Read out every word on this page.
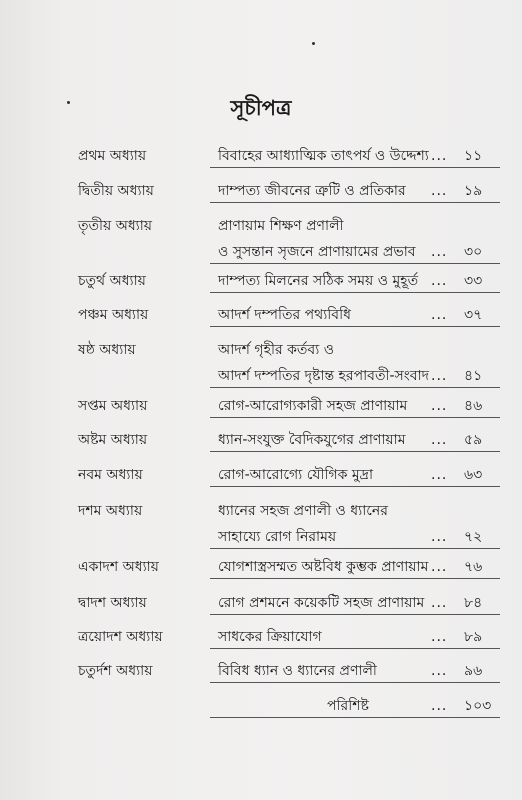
সূচীপত্র
প্রথম অধ্যায়	বিবাহের আধ্যাত্মিক তাৎপর্য ও উদ্দেশ্য ...	১১
দ্বিতীয় অধ্যায়	দাম্পত্য জীবনের ত্রুটি ও প্রতিকার	...	১৯
তৃতীয় অধ্যায়	প্রাণায়াম শিক্ষণ প্রণালী
ও সুসন্তান সৃজনে প্রাণায়ামের প্রভাব	...	৩০
চতুর্থ অধ্যায়	দাম্পত্য মিলনের সঠিক সময় ও মুহূর্ত ...	৩৩
পঞ্চম অধ্যায়	আদর্শ দম্পতির পথ্যবিধি	...	৩৭
ষষ্ঠ অধ্যায়	আদর্শ গৃহীর কর্তব্য ও
আদর্শ দম্পতির দৃষ্টান্ত হরপাবতী-সংবাদ ...	৪১
সপ্তম অধ্যায়	রোগ-আরোগ্যকারী সহজ প্রাণায়াম	...	৪৬
অষ্টম অধ্যায়	ধ্যান-সংযুক্ত বৈদিকযুগের প্রাণায়াম	...	৫৯
নবম অধ্যায়	রোগ-আরোগ্যে যৌগিক মুদ্রা	...	৬৩
দশম অধ্যায়	ধ্যানের সহজ প্রণালী ও ধ্যানের
সাহায্যে রোগ নিরাময়	...	৭২
একাদশ অধ্যায়	যোগশাস্ত্রসম্মত অষ্টবিধ কুম্ভক প্রাণায়াম ...	৭৬
দ্বাদশ অধ্যায়	রোগ প্রশমনে কয়েকটি সহজ প্রাণায়াম ...	৮৪
ত্রয়োদশ অধ্যায়	সাধকের ক্রিয়াযোগ	...	৮৯
চতুর্দশ অধ্যায়	বিবিধ ধ্যান ও ধ্যানের প্রণালী	...	৯৬
পরিশিষ্ট	...	১০৩
